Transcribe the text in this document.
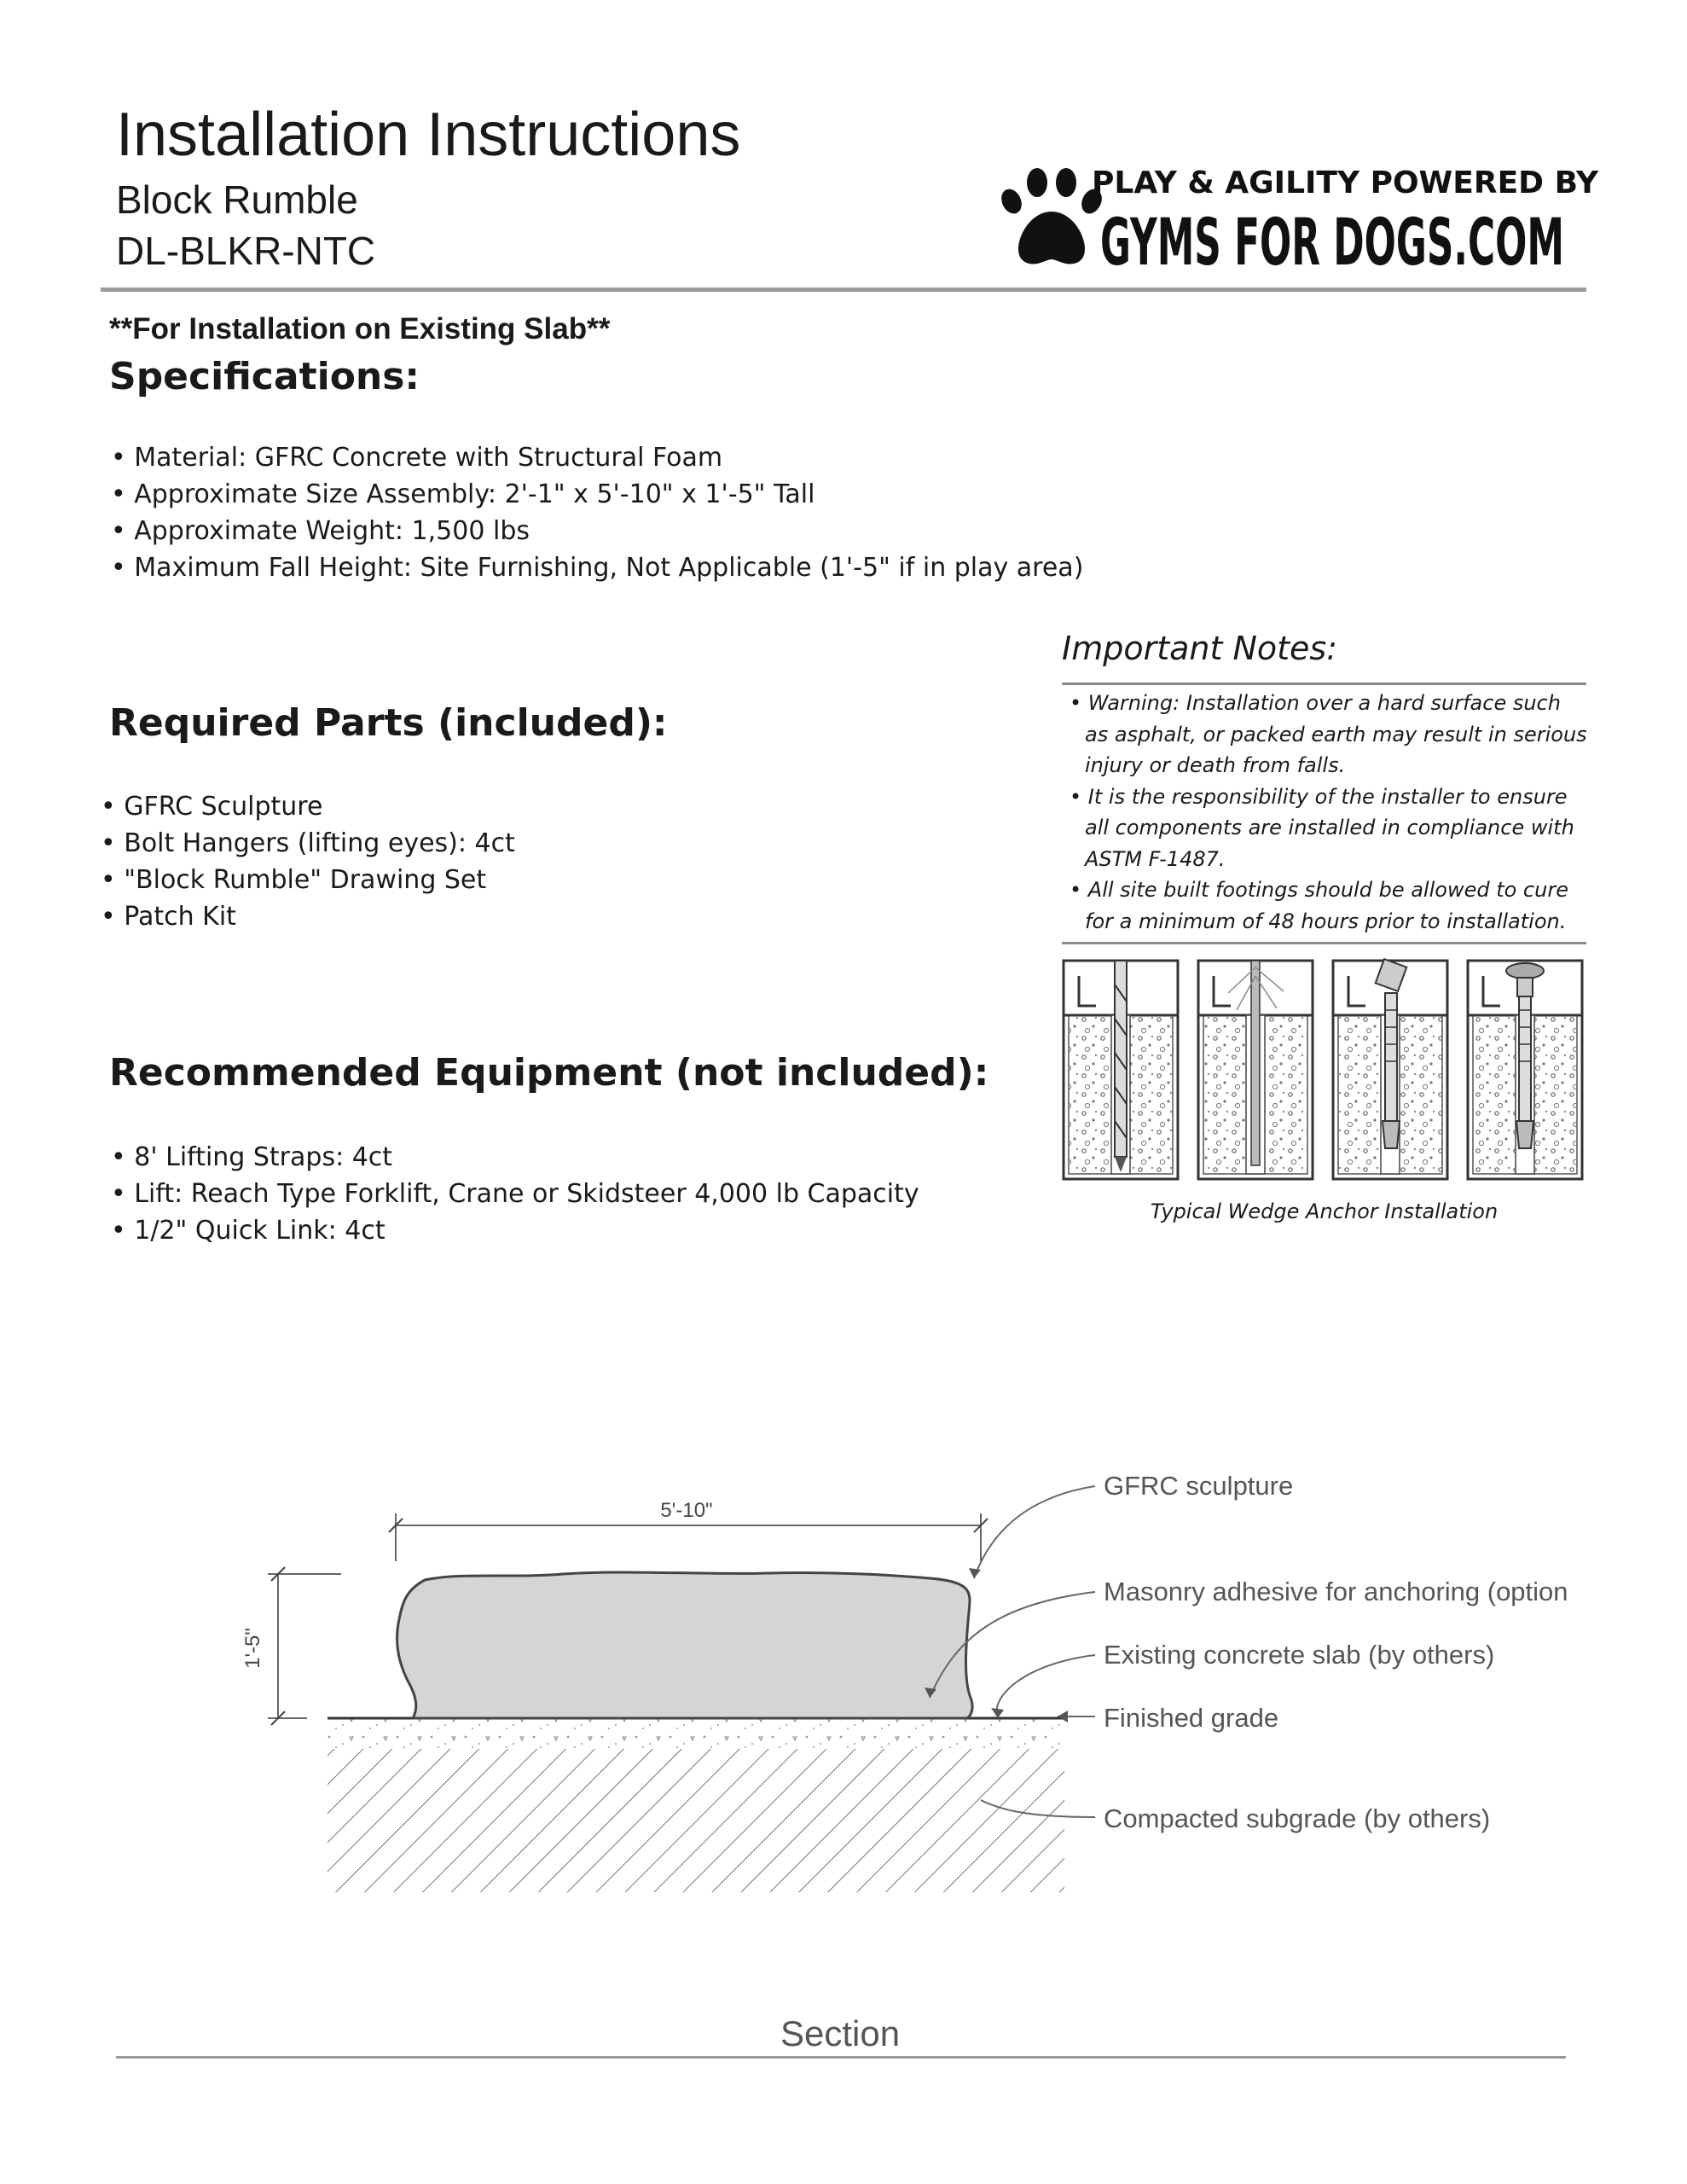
Installation Instructions
Block Rumble
DL-BLKR-NTC
PLAY & AGILITY POWERED BY
GYMS FOR DOGS.COM
**For Installation on Existing Slab**
Specifications:
• Material: GFRC Concrete with Structural Foam
• Approximate Size Assembly: 2'-1" x 5'-10" x 1'-5" Tall
• Approximate Weight: 1,500 lbs
• Maximum Fall Height: Site Furnishing, Not Applicable (1'-5" if in play area)
Required Parts (included):
• GFRC Sculpture
• Bolt Hangers (lifting eyes): 4ct
• "Block Rumble" Drawing Set
• Patch Kit
Recommended Equipment (not included):
• 8' Lifting Straps: 4ct
• Lift: Reach Type Forklift, Crane or Skidsteer 4,000 lb Capacity
• 1/2" Quick Link: 4ct
Important Notes:
• Warning: Installation over a hard surface such as asphalt, or packed earth may result in serious injury or death from falls.
• It is the responsibility of the installer to ensure all components are installed in compliance with ASTM F-1487.
• All site built footings should be allowed to cure for a minimum of 48 hours prior to installation.
Typical Wedge Anchor Installation
5'-10"
1'-5"
GFRC sculpture
Masonry adhesive for anchoring (option
Existing concrete slab (by others)
Finished grade
Compacted subgrade (by others)
Section
